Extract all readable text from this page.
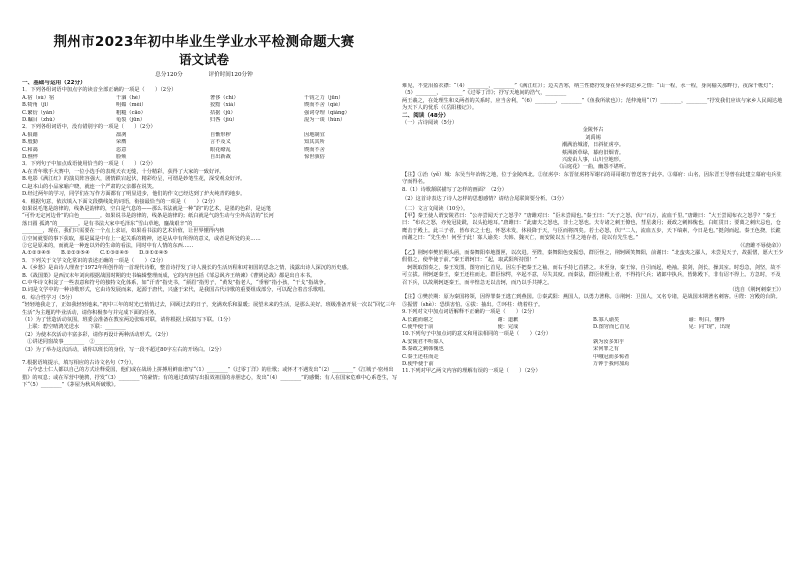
荆州市2023年初中毕业生学业水平检测命题大赛
语文试卷
总分120分	评价时间120分钟
一、基础与运用（22分）
1．下列各组词语中加点字的读音全部正确的一项是（　　）（2分）
A.宿（sù）宿	干涸（hé）	奢侈（chǐ）	千钧之力（jūn）
B.犄角（jī）	明媚（mèi）	狡黠（xiá）	锲而不舍（qiè）
C.繁衍（yǎn）	粗糙（cāo）	拮据（jū）	强词夺理（qiǎng）
D.瞩目（zhǔ）	龟裂（jūn）	归咎（jiù）	混为一谈（hùn）
2．下列各组词语中，没有错别字的一项是（　　）（2分）
A.狼藉	凛冽	自惭形秽	因地制宜
B.殷勤	荣膺	言不及义	知其其所
C.和蔼	恣意	眼花缭乱	锲而不舍
D.憔悴	脸颊	自出新裁	惊世骇俗
3．下列句子中加点成语使用恰当的一项是（　　）（2分）
A.在青年歌手大赛中，一位小选手的表现天衣无缝，十分精彩，获得了大家的一致好评。
B.电影《满江红》的演员阵容强大，剧情跌宕起伏，精彩纷呈，可谓是妙笔生花，深受观众好评。
C.赵本山的小品家喻户晓，就连一个严肃的父亲都在说笑。
D.经过两年的学习，同学们在写作方面都有了明显进步，他们的作文已经达到了炉火纯青的地步。
4．根据句意，依次填入下面文段横线处的词语，衔接最恰当的一项是（　　）（2分）
如果说毛笔是韵律的，线条是韵律的，空白是气息的——那么书法就是一种“韵”的艺术，是墨的色彩，是运笔
“可怜无定河边骨”的白色________。如果说书是韵律的，线条是韵律的；纸白就是气韵生动与尘外高洁的“长河
落日圆 孤鸿”的________。是有书法大家中毛泽东“雪山草地，鏖战艰辛”的________。
________，现在，我们只需要在一个点上求证，如果看书法的艺术价值，让世界懂得内核
①空间就要的事下获取，那是属是中有上一起关系的精神，还是从中有所得的意义，或者是所处的美……
②它是原来的，而就是一种连以外的生命的看法，同时中有人情的东西……
A.①②③④⑤　　B.②①③⑤④　　C.①③②④⑤　　D.③①②④⑤
5．下列关于文学文化常识的表述正确的一项是（　　）（2分）
A.《乡愁》是由诗人理查于1972年所创作的一首现代诗歌，整首诗抒发了诗人漫长的生活历程和对祖国的思念之情，浅露出诗人深沉的历史感。
B.《战国策》是西汉末年刘向根据战国时期的史书编辑整理而成，它的内容包括《邹忌讽齐王纳谏》《曹刿论战》都是出自本书。
C.中华诗文积淀了一些表意和符号的独特文化体系，如“汗青”指史书，“须眉”指男子，“黄发”指老人，“垂髫”指小孩，“干戈”指战争。
D.词是文学中的一种诗歌形式，它由诗发展而来，起源于唐代，兴盛于宋代，是我国古代诗歌的重要组成部分，可以配合着音乐歌唱。
6．综合性学习（5分）
“轻轻地我走了，正如我轻轻地来。”初中三年的时光已悄悄过去，回顾过去的日子，充满欢乐和温暖；展望未来的生活，是那么美好。班级准备开展一次以“回忆三年生活”为主题的毕业活动，请你积极参与并完成下面的任务。
（1）为了营造活动氛围，班委会准备在教室两边张贴对联，请你根据上联拟写下联。（1分）
　上联：碧空晴鸿光送水　　下联：________
（2）为使本次活动丰富多彩，请你再设计两种活动形式。（2分）
　①讲述同窗故事________　②________
（3）为了举办这次活动，请你以班长的身份，写一段不超过80字左右的开场白。（2分）
7.根据语境提示，填写相应的古诗文名句（7分）。
　古今忠士仁人都以自己的方式诠释爱国，他们或在战场上拼搏用鲜血谱写“（1）________”《过零丁洋》的壮歌；或怀才不遇发出“（2）________”《江城子·密州出猎》的叹息；或在军营中驰骋，抒发“（3）________”的豪情；有的通过政绩写出报效祖国的赤胆忠心，发出“（4）________”的感慨；有人在国家危难中心系苍生，写下“（5）________”《茅屋为秋风所破歌》。
难见，不觉泪盈衣襟：“（4）________，________”《满江红》）；边关苦寒，纳兰性德抒发身在异乡的思乡之情：“山一程，水一程，身向榆关那畔行，夜深千帐灯”；（5）________，________”《过零丁洋》；抒写天地间的浩气，________
两王羲之，在处理生和义两者的关系时，应当舍利，“（6）________，________”《鱼我所欲也》）；范仲淹用“（7）________，________”抒发我们应该与家乡人民阔达地为天下人的忧乐（《岳阳楼记》）。
二、阅读（48分）
（一）古诗阅读（5分）
金陵怀古
刘禹锡
潮满治城渚，日斜征虏亭。
蔡洲新草绿，幕府旧烟青。
兴废由人事，山川空地形。
《后庭花》一曲，幽怨不堪听。
【注】①治（yě）城：东吴当年冶铸之地，位于金陵西北。②征虏亭：东晋征虏将军谢石的哥哥谢万曾送客于此亭。③幕府：山名，因东晋王导曾在此建立幕府屯兵驻守而得名。
8.（1）诗歌颔联描写了怎样的画面？（2分）
（2）这首诗表达了诗人怎样的思想感情？请结合尾联简要分析。（3分）
（二）文言文阅读（10分）。
【甲】秦王使人谓安陵君曰：“公亦尝闻天子之怒乎？”唐雎对曰：“臣未尝闻也。”秦王曰：“天子之怒，伏尸百万，流血千里。”唐雎曰：“大王尝闻布衣之怒乎？”秦王曰：“布衣之怒，亦免冠徒跣，以头抢地耳。”唐雎曰：“此庸夫之怒也，非士之怒也。夫专诸之刺王僚也，彗星袭月；聂政之刺韩傀也，白虹贯日；要离之刺庆忌也，仓鹰击于殿上。此三子者，皆布衣之士也，怀怒未发，休祲降于天，与臣而将四矣。若士必怒，伏尸二人，流血五步，天下缟素，今日是也。”挺剑而起。秦王色挠，长跪而谢之曰：“先生坐！何至于此！寡人谕矣：夫韩、魏灭亡，而安陵以五十里之地存者，徒以有先生也。”
（《唐雎不辱使命》）
【乙】荆轲奉樊於期头函，而秦舞阳奉地图匣，以次进。至陛，秦舞阳色变振恐，群臣怪之，荆轲顾笑舞阳，前谢曰：“北蛮夷之鄙人，未尝见天子，故振慴，愿大王少假借之，使毕使于前。”秦王谓轲曰：“起，取武阳所持图！”
　轲既取图奏之，秦王发图，图穷而匕首见。因左手把秦王之袖，而右手持匕首揕之。未至身，秦王惊，自引而起，绝袖。拔剑，剑长，操其室。时恐急，剑坚，故不可立拔。荆轲逐秦王，秦王还柱而走。群臣惊愕，卒起不意，尽失其度。而秦法，群臣侍殿上者，不得持尺兵；诸郎中执兵，皆陈殿下，非有诏不得上。方急时，不及召下兵，以故荆轲逐秦王，而卒惶急无以击轲，而乃以手共搏之。
（选自《荆轲刺秦王》）
【注】①樊於期：原为秦国将领，因得罪秦王逃亡到燕国。②秦武阳：燕国人，以勇力著称。③荆轲：卫国人，又名专诸，是战国末期著名刺客。④陛：宫殿的台阶。⑤振慴（shè）：恐惧害怕。⑥拔：抽出。⑦环柱：绕着柱子。
9.下列对文中加点词语解释不正确的一项是（　　）（2分）
A.长跪而谢之	谢：道歉	B.寡人谕矣	谕：明白，懂得
C.使毕使于前	使：完成	D.图穷而匕首见	见：同“现”，出现
10.下列句子中加点词的意义和用法相同的一项是（　　）（2分）
A.安陵君不听寡人	孰为汝多知乎
B.秦政之刺韩傀也	宋何罪之有
C.秦王还柱而走	中峨冠而多髯者
D.使毕使于前	万钟于我何加焉
11.下列对甲乙两文内容的理解有误的一项是（　　）（2分）
